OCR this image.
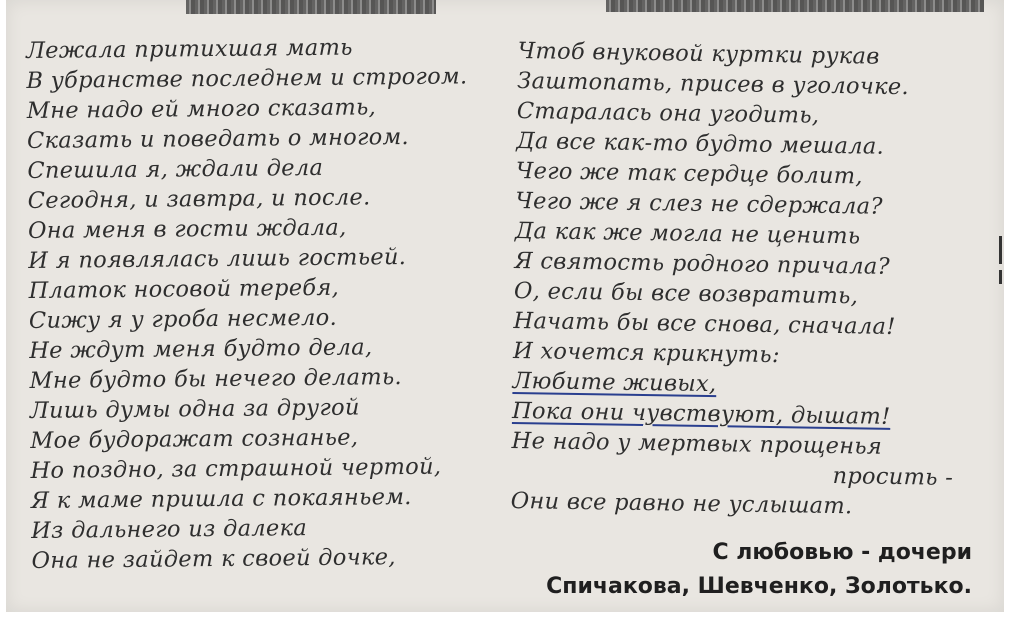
Лежала притихшая мать
В убранстве последнем и строгом.
Мне надо ей много сказать,
Сказать и поведать о многом.
Спешила я, ждали дела
Сегодня, и завтра, и после.
Она меня в гости ждала,
И я появлялась лишь гостьей.
Платок носовой теребя,
Сижу я у гроба несмело.
Не ждут меня будто дела,
Мне будто бы нечего делать.
Лишь думы одна за другой
Мое будоражат сознанье,
Но поздно, за страшной чертой,
Я к маме пришла с покаяньем.
Из дальнего из далека
Она не зайдет к своей дочке,
Чтоб внуковой куртки рукав
Заштопать, присев в уголочке.
Старалась она угодить,
Да все как-то будто мешала.
Чего же так сердце болит,
Чего же я слез не сдержала?
Да как же могла не ценить
Я святость родного причала?
О, если бы все возвратить,
Начать бы все снова, сначала!
И хочется крикнуть:
Любите живых,
Пока они чувствуют, дышат!
Не надо у мертвых прощенья
просить -
Они все равно не услышат.
С любовью - дочери
Спичакова, Шевченко, Золотько.
